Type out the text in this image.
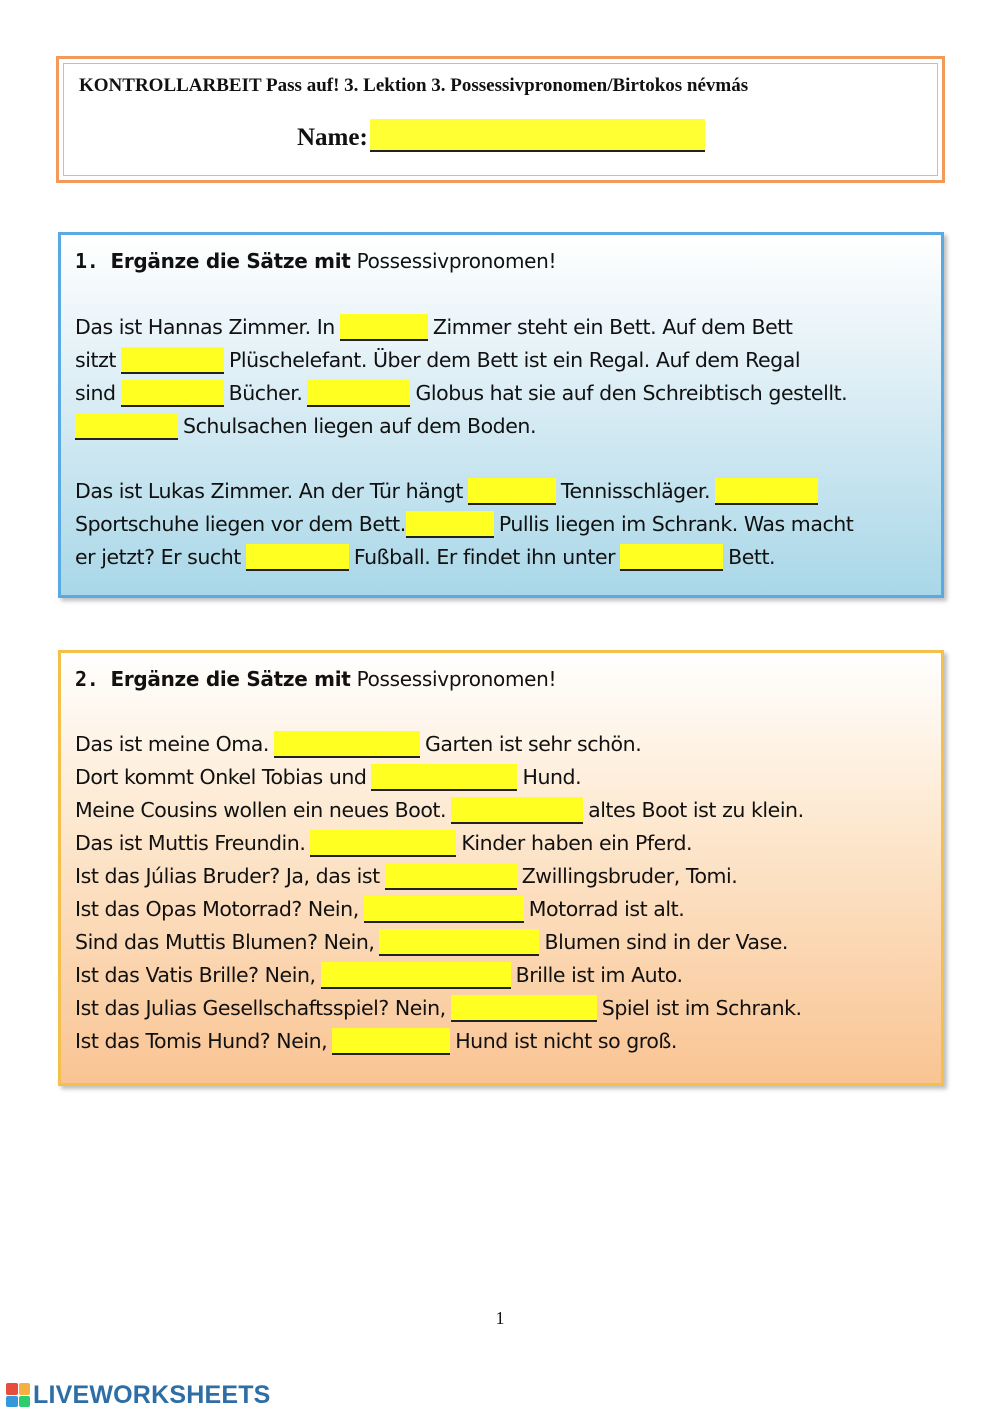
KONTROLLARBEIT Pass auf! 3. Lektion 3. Possessivpronomen/Birtokos névmás
Name:
1. Ergänze die Sätze mit Possessivpronomen!
Das ist Hannas Zimmer. In	Zimmer steht ein Bett. Auf dem Bett
sitzt	Plüschelefant. Über dem Bett ist ein Regal. Auf dem Regal
sind	Bücher.	Globus hat sie auf den Schreibtisch gestellt.
Schulsachen liegen auf dem Boden.
Das ist Lukas Zimmer. An der Tür hängt	Tennisschläger.
Sportschuhe liegen vor dem Bett.	Pullis liegen im Schrank. Was macht
er jetzt? Er sucht	Fußball. Er findet ihn unter	Bett.
2. Ergänze die Sätze mit Possessivpronomen!
Das ist meine Oma.	Garten ist sehr schön.
Dort kommt Onkel Tobias und	Hund.
Meine Cousins wollen ein neues Boot.	altes Boot ist zu klein.
Das ist Muttis Freundin.	Kinder haben ein Pferd.
Ist das Júlias Bruder? Ja, das ist	Zwillingsbruder, Tomi.
Ist das Opas Motorrad? Nein,	Motorrad ist alt.
Sind das Muttis Blumen? Nein,	Blumen sind in der Vase.
Ist das Vatis Brille? Nein,	Brille ist im Auto.
Ist das Julias Gesellschaftsspiel? Nein,	Spiel ist im Schrank.
Ist das Tomis Hund? Nein,	Hund ist nicht so groß.
1
LIVEWORKSHEETS
